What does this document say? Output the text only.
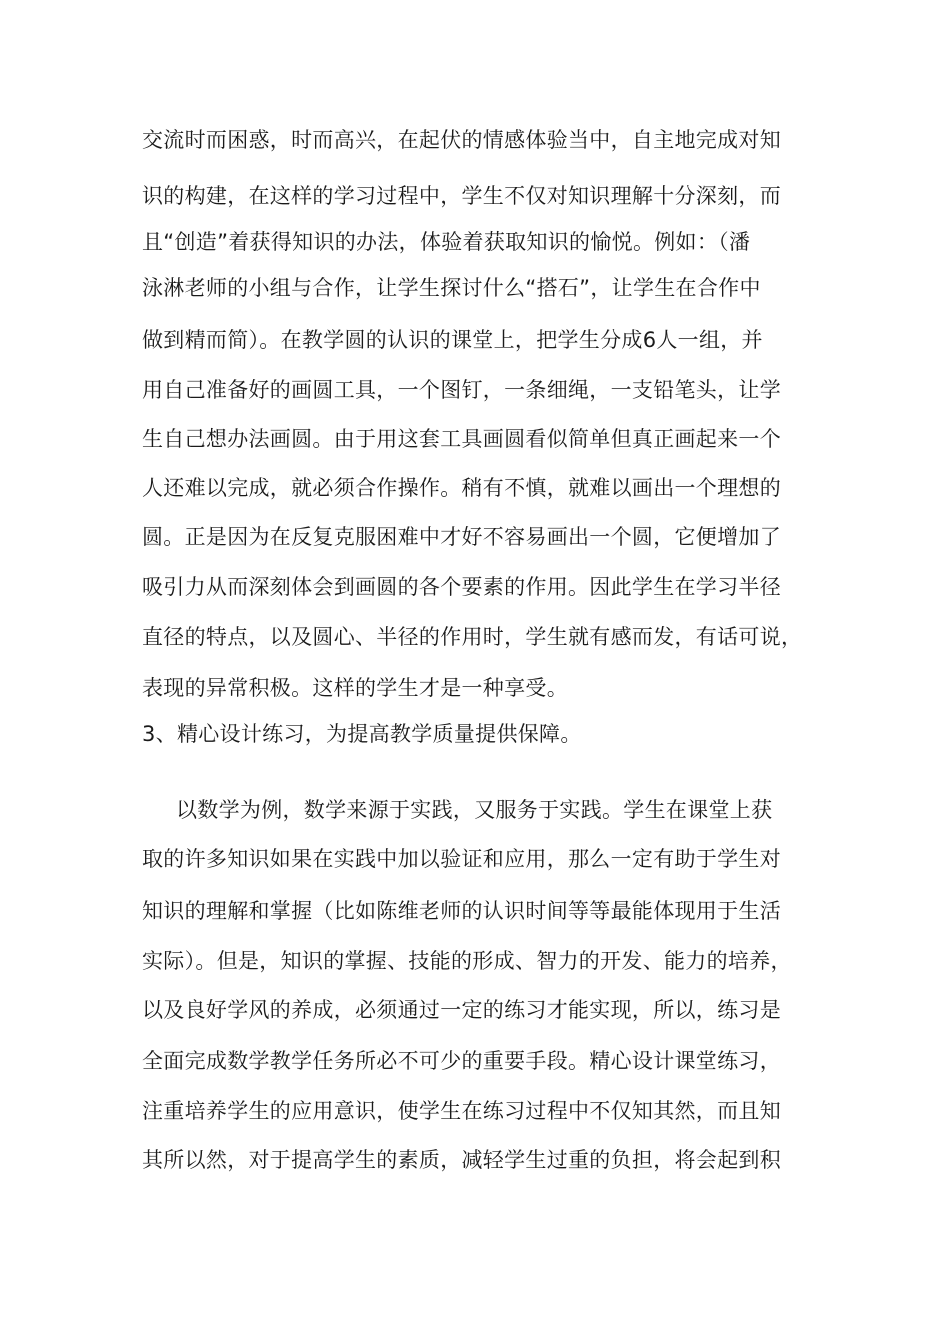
交流时而困惑，时而高兴，在起伏的情感体验当中，自主地完成对知
识的构建，在这样的学习过程中，学生不仅对知识理解十分深刻，而
且“创造”着获得知识的办法，体验着获取知识的愉悦。例如：（潘
泳淋老师的小组与合作，让学生探讨什么“搭石”，让学生在合作中
做到精而简）。在教学圆的认识的课堂上，把学生分成6人一组，并
用自己准备好的画圆工具，一个图钉，一条细绳，一支铅笔头，让学
生自己想办法画圆。由于用这套工具画圆看似简单但真正画起来一个
人还难以完成，就必须合作操作。稍有不慎，就难以画出一个理想的
圆。正是因为在反复克服困难中才好不容易画出一个圆，它便增加了
吸引力从而深刻体会到画圆的各个要素的作用。因此学生在学习半径
直径的特点，以及圆心、半径的作用时，学生就有感而发，有话可说，
表现的异常积极。这样的学生才是一种享受。
3、精心设计练习，为提高教学质量提供保障。
以数学为例，数学来源于实践，又服务于实践。学生在课堂上获
取的许多知识如果在实践中加以验证和应用，那么一定有助于学生对
知识的理解和掌握（比如陈维老师的认识时间等等最能体现用于生活
实际）。但是，知识的掌握、技能的形成、智力的开发、能力的培养，
以及良好学风的养成，必须通过一定的练习才能实现，所以，练习是
全面完成数学教学任务所必不可少的重要手段。精心设计课堂练习，
注重培养学生的应用意识，使学生在练习过程中不仅知其然，而且知
其所以然，对于提高学生的素质，减轻学生过重的负担，将会起到积
